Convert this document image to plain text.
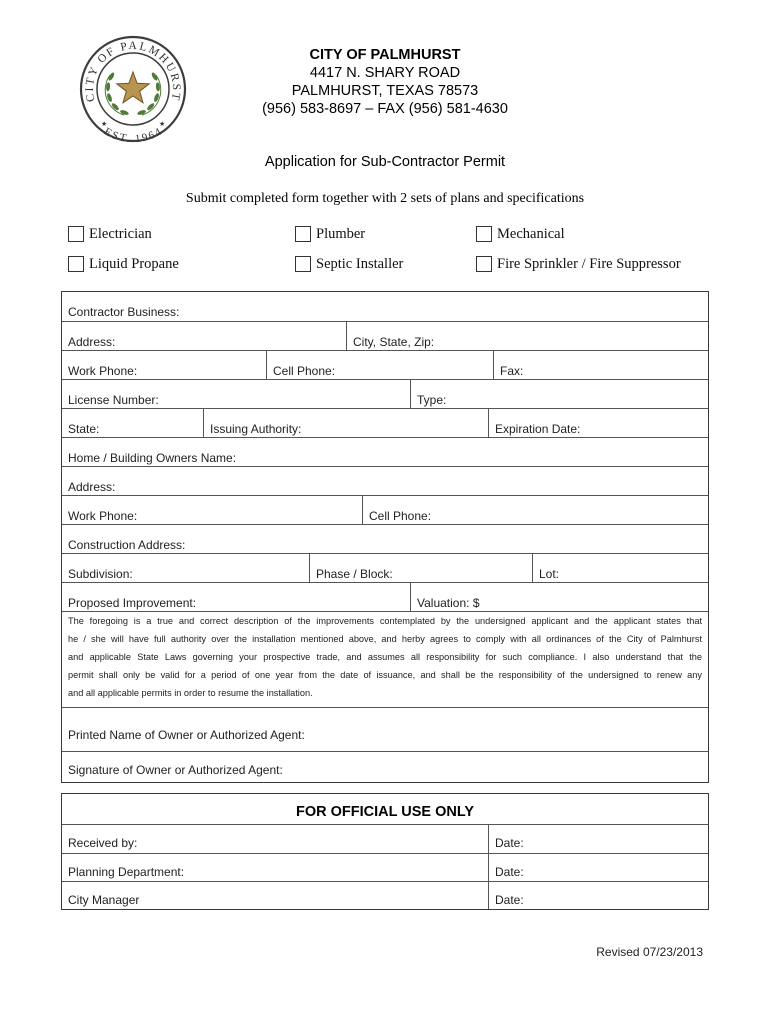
CITY OF PALMHURST
EST. 1964
★	★
CITY OF PALMHURST
4417 N. SHARY ROAD
PALMHURST, TEXAS 78573
(956) 583-8697 – FAX (956) 581-4630
Application for Sub-Contractor Permit
Submit completed form together with 2 sets of plans and specifications
Electrician	Plumber	Mechanical
Liquid Propane	Septic Installer	Fire Sprinkler / Fire Suppressor
Contractor Business:
Address:	City, State, Zip:
Work Phone:	Cell Phone:	Fax:
License Number:	Type:
State:	Issuing Authority:	Expiration Date:
Home / Building Owners Name:
Address:
Work Phone:	Cell Phone:
Construction Address:
Subdivision:	Phase / Block:	Lot:
Proposed Improvement:	Valuation: $
The foregoing is a true and correct description of the improvements contemplated by the undersigned applicant and the applicant states that
he / she will have full authority over the installation mentioned above, and herby agrees to comply with all ordinances of the City of Palmhurst
and applicable State Laws governing your prospective trade, and assumes all responsibility for such compliance. I also understand that the
permit shall only be valid for a period of one year from the date of issuance, and shall be the responsibility of the undersigned to renew any
and all applicable permits in order to resume the installation.
Printed Name of Owner or Authorized Agent:
Signature of Owner or Authorized Agent:
FOR OFFICIAL USE ONLY
Received by:	Date:
Planning Department:	Date:
City Manager	Date:
Revised 07/23/2013
